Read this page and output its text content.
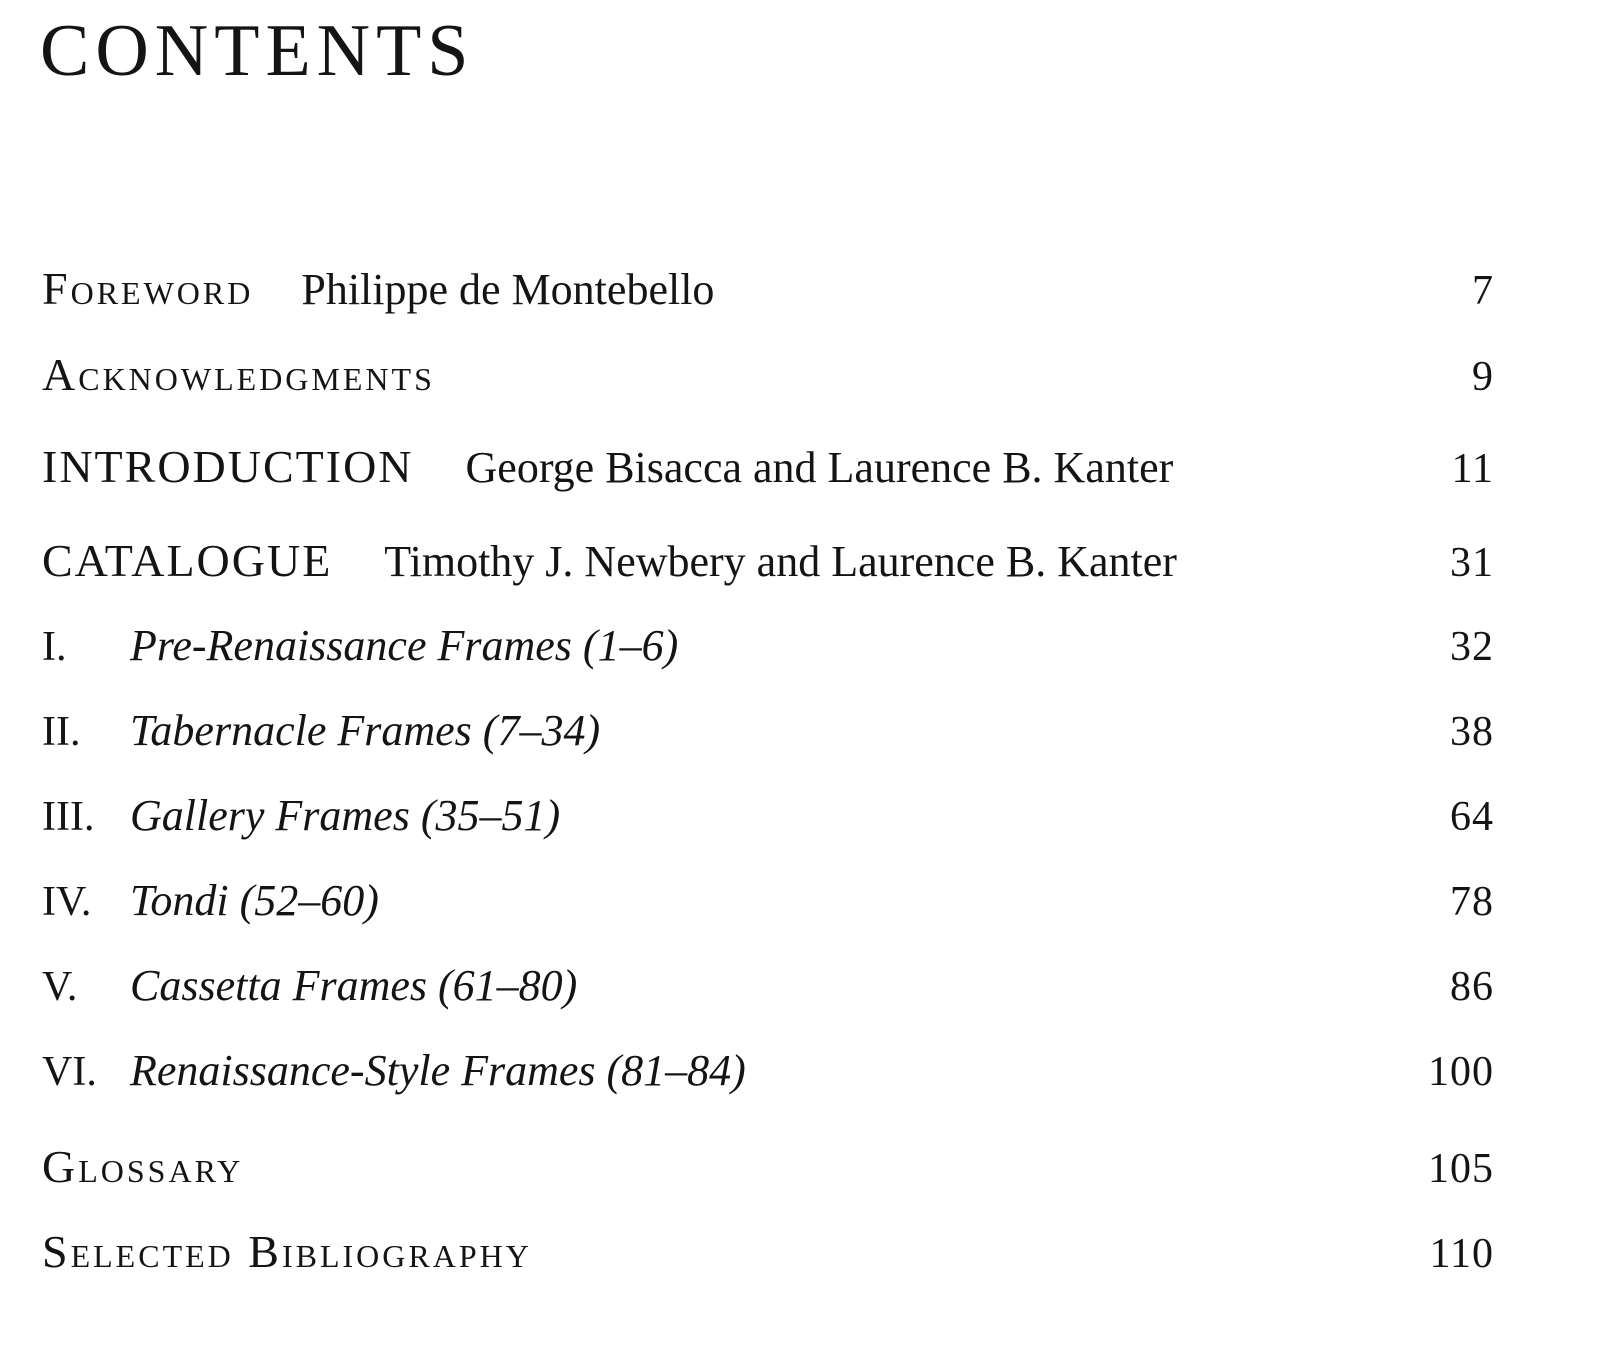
CONTENTS
Foreword Philippe de Montebello	7
Acknowledgments	9
INTRODUCTION George Bisacca and Laurence B. Kanter	11
CATALOGUE Timothy J. Newbery and Laurence B. Kanter	31
I.	Pre-Renaissance Frames (1–6)	32
II.	Tabernacle Frames (7–34)	38
III. Gallery Frames (35–51)	64
IV. Tondi (52–60)	78
V.	Cassetta Frames (61–80)	86
VI. Renaissance-Style Frames (81–84)	100
Glossary	105
Selected Bibliography	110
